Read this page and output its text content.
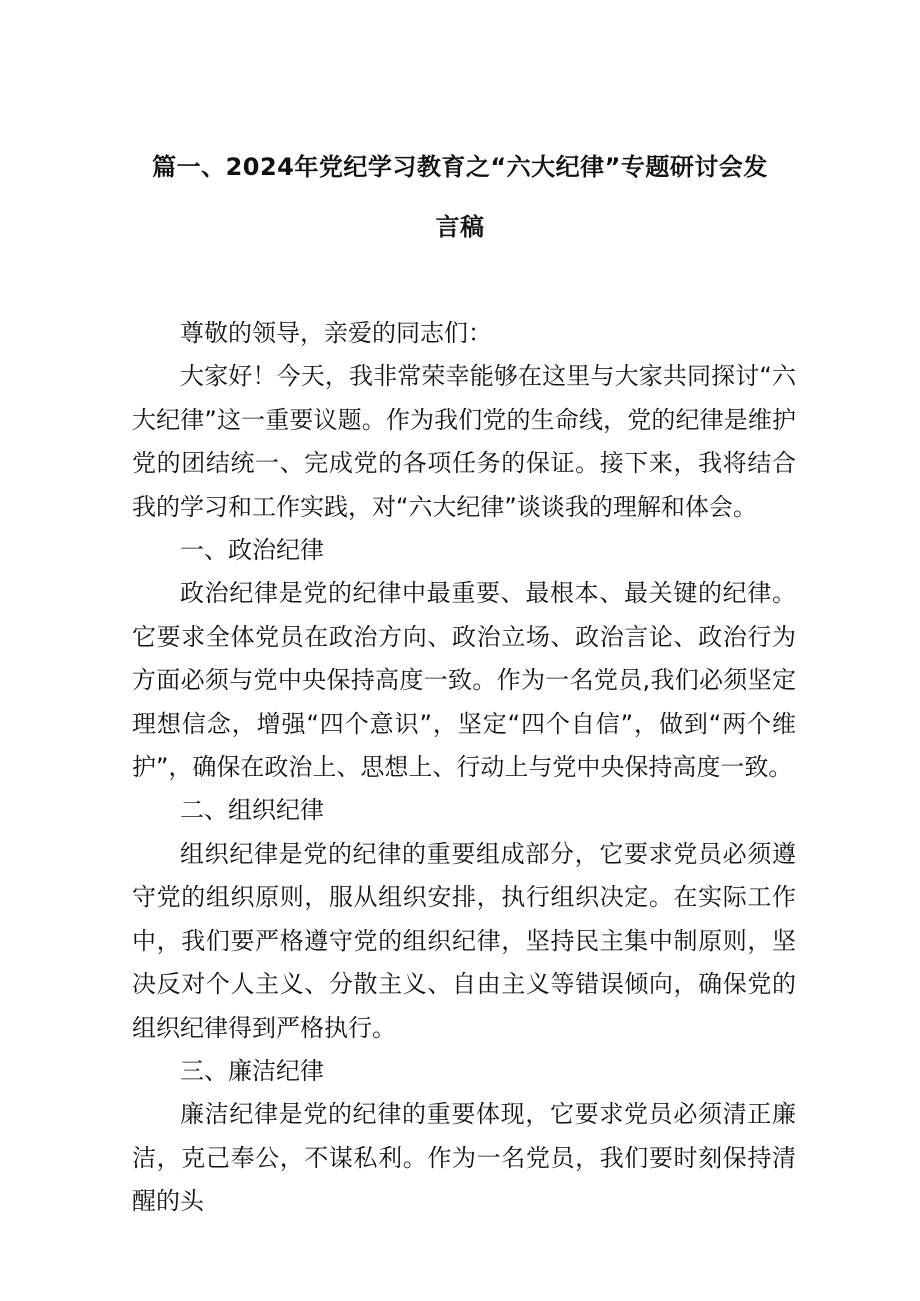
篇一、2024年党纪学习教育之“六大纪律”专题研讨会发
言稿

尊敬的领导，亲爱的同志们：

大家好！今天，我非常荣幸能够在这里与大家共同探讨“六大纪律”这一重要议题。作为我们党的生命线，党的纪律是维护党的团结统一、完成党的各项任务的保证。接下来，我将结合我的学习和工作实践，对“六大纪律”谈谈我的理解和体会。

一、政治纪律

政治纪律是党的纪律中最重要、最根本、最关键的纪律。它要求全体党员在政治方向、政治立场、政治言论、政治行为方面必须与党中央保持高度一致。作为一名党员,我们必须坚定理想信念，增强“四个意识”，坚定“四个自信”，做到“两个维护”，确保在政治上、思想上、行动上与党中央保持高度一致。

二、组织纪律

组织纪律是党的纪律的重要组成部分，它要求党员必须遵守党的组织原则，服从组织安排，执行组织决定。在实际工作中，我们要严格遵守党的组织纪律，坚持民主集中制原则，坚决反对个人主义、分散主义、自由主义等错误倾向，确保党的组织纪律得到严格执行。

三、廉洁纪律

廉洁纪律是党的纪律的重要体现，它要求党员必须清正廉洁，克己奉公，不谋私利。作为一名党员，我们要时刻保持清醒的头
